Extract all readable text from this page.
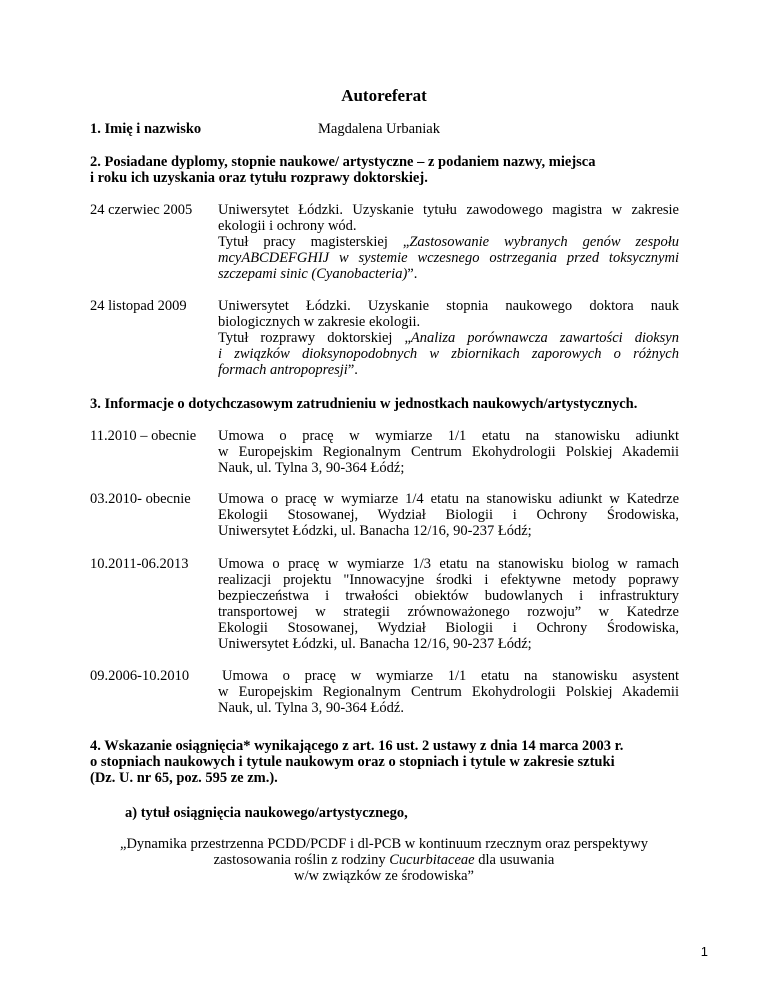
Autoreferat
1. Imię i nazwisko	Magdalena Urbaniak
2. Posiadane dyplomy, stopnie naukowe/ artystyczne – z podaniem nazwy, miejsca
i roku ich uzyskania oraz tytułu rozprawy doktorskiej.
24 czerwiec 2005 Uniwersytet Łódzki. Uzyskanie tytułu zawodowego magistra w zakresie
ekologii i ochrony wód.
Tytuł pracy magisterskiej „Zastosowanie wybranych genów zespołu
mcyABCDEFGHIJ w systemie wczesnego ostrzegania przed toksycznymi
szczepami sinic (Cyanobacteria)”.
24 listopad 2009 Uniwersytet Łódzki. Uzyskanie stopnia naukowego doktora nauk
biologicznych w zakresie ekologii.
Tytuł rozprawy doktorskiej „Analiza porównawcza zawartości dioksyn
i związków dioksynopodobnych w zbiornikach zaporowych o różnych
formach antropopresji”.
3. Informacje o dotychczasowym zatrudnieniu w jednostkach naukowych/artystycznych.
11.2010 – obecnie Umowa o pracę w wymiarze 1/1 etatu na stanowisku adiunkt
w Europejskim Regionalnym Centrum Ekohydrologii Polskiej Akademii
Nauk, ul. Tylna 3, 90-364 Łódź;
03.2010- obecnie Umowa o pracę w wymiarze 1/4 etatu na stanowisku adiunkt w Katedrze
Ekologii Stosowanej, Wydział Biologii i Ochrony Środowiska,
Uniwersytet Łódzki, ul. Banacha 12/16, 90-237 Łódź;
10.2011-06.2013 Umowa o pracę w wymiarze 1/3 etatu na stanowisku biolog w ramach
realizacji projektu "Innowacyjne środki i efektywne metody poprawy
bezpieczeństwa i trwałości obiektów budowlanych i infrastruktury
transportowej w strategii zrównoważonego rozwoju” w Katedrze
Ekologii Stosowanej, Wydział Biologii i Ochrony Środowiska,
Uniwersytet Łódzki, ul. Banacha 12/16, 90-237 Łódź;
09.2006-10.2010 Umowa o pracę w wymiarze 1/1 etatu na stanowisku asystent
w Europejskim Regionalnym Centrum Ekohydrologii Polskiej Akademii
Nauk, ul. Tylna 3, 90-364 Łódź.
4. Wskazanie osiągnięcia* wynikającego z art. 16 ust. 2 ustawy z dnia 14 marca 2003 r.
o stopniach naukowych i tytule naukowym oraz o stopniach i tytule w zakresie sztuki
(Dz. U. nr 65, poz. 595 ze zm.).
a) tytuł osiągnięcia naukowego/artystycznego,
„Dynamika przestrzenna PCDD/PCDF i dl-PCB w kontinuum rzecznym oraz perspektywy
zastosowania roślin z rodziny Cucurbitaceae dla usuwania
w/w związków ze środowiska”
1
